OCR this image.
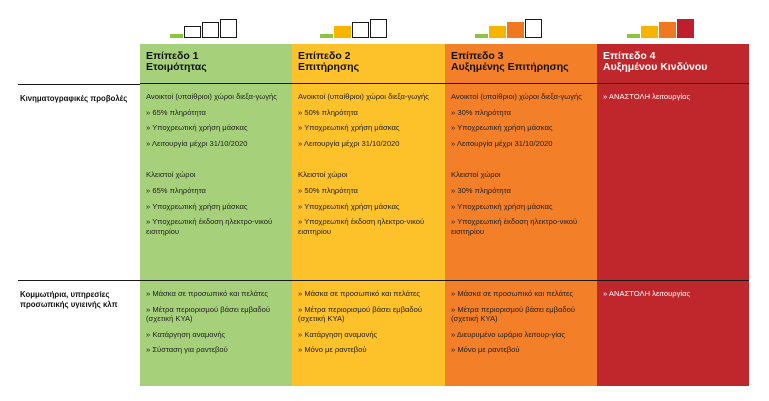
Κινηματογραφικές προβολές
Κομμωτήρια, υπηρεσίες προσωπικής υγιεινής κλπ
Επίπεδο 1
Ετοιμότητας

Ανοικτοί (υπαίθριοι) χώροι διεξα-γωγής

» 65% πληρότητα

» Υποχρεωτική χρήση μάσκας

» Λειτουργία μέχρι 31/10/2020

Κλειστοί χώροι

» 65% πληρότητα

» Υποχρεωτική χρήση μάσκας

» Υποχρεωτική έκδοση ηλεκτρο-νικού εισιτηρίου

» Μάσκα σε προσωπικό και πελάτες

» Μέτρα περιορισμού βάσει εμβαδού (σχετική ΚΥΑ)

» Κατάργηση αναμονής

» Σύσταση για ραντεβού

Επίπεδο 2
Επιτήρησης

Ανοικτοί (υπαίθριοι) χώροι διεξα-γωγής

» 50% πληρότητα

» Υποχρεωτική χρήση μάσκας

» Λειτουργία μέχρι 31/10/2020

Κλειστοί χώροι

» 50% πληρότητα

» Υποχρεωτική χρήση μάσκας

» Υποχρεωτική έκδοση ηλεκτρο-νικού εισιτηρίου

» Μάσκα σε προσωπικό και πελάτες

» Μέτρα περιορισμού βάσει εμβαδού (σχετική ΚΥΑ)

» Κατάργηση αναμονής

» Μόνο με ραντεβού

Επίπεδο 3
Αυξημένης Επιτήρησης

Ανοικτοί (υπαίθριοι) χώροι διεξα-γωγής

» 30% πληρότητα

» Υποχρεωτική χρήση μάσκας

» Λειτουργία μέχρι 31/10/2020

Κλειστοί χώροι

» 30% πληρότητα

» Υποχρεωτική χρήση μάσκας

» Υποχρεωτική έκδοση ηλεκτρο-νικού εισιτηρίου

» Μάσκα σε προσωπικό και πελάτες

» Μέτρα περιορισμού βάσει εμβαδού (σχετική ΚΥΑ)

» Διευρυμένο ωράριο λειτουρ-γίας

» Μόνο με ραντεβού

Επίπεδο 4
Αυξημένου Κινδύνου

» ΑΝΑΣΤΟΛΗ λειτουργίας

» ΑΝΑΣΤΟΛΗ λειτουργίας
